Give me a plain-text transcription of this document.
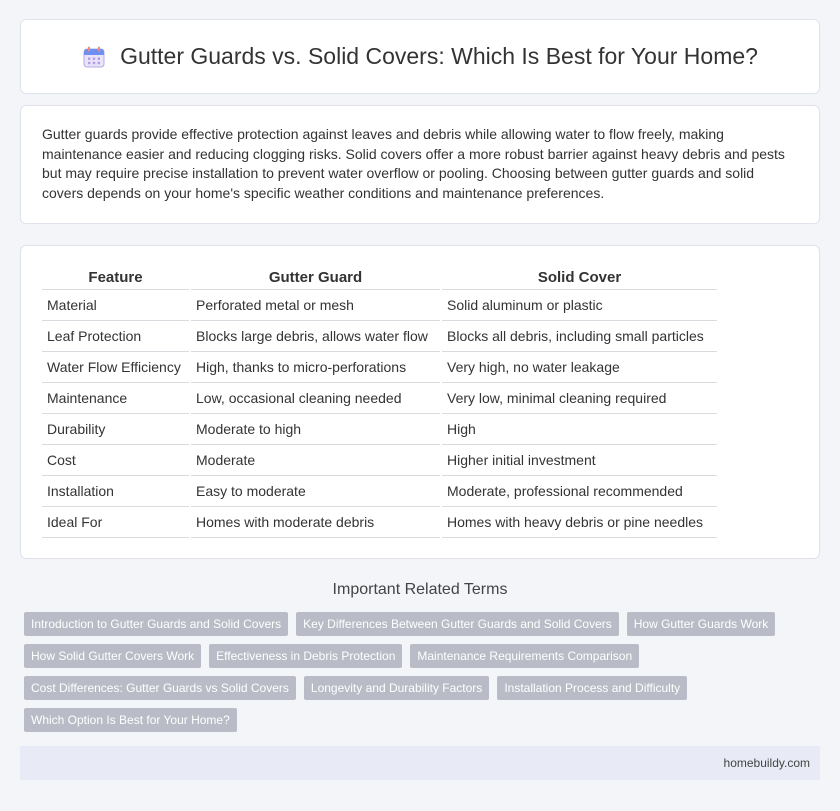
Gutter Guards vs. Solid Covers: Which Is Best for Your Home?

Gutter guards provide effective protection against leaves and debris while allowing water to flow freely, making maintenance easier and reducing clogging risks. Solid covers offer a more robust barrier against heavy debris and pests but may require precise installation to prevent water overflow or pooling. Choosing between gutter guards and solid covers depends on your home's specific weather conditions and maintenance preferences.

Feature	Gutter Guard	Solid Cover
Material	Perforated metal or mesh	Solid aluminum or plastic
Leaf Protection	Blocks large debris, allows water flow	Blocks all debris, including small particles
Water Flow Efficiency	High, thanks to micro-perforations	Very high, no water leakage
Maintenance	Low, occasional cleaning needed	Very low, minimal cleaning required
Durability	Moderate to high	High
Cost	Moderate	Higher initial investment
Installation	Easy to moderate	Moderate, professional recommended
Ideal For	Homes with moderate debris	Homes with heavy debris or pine needles
Important Related Terms
Introduction to Gutter Guards and Solid Covers	Key Differences Between Gutter Guards and Solid Covers	How Gutter Guards Work
How Solid Gutter Covers Work	Effectiveness in Debris Protection	Maintenance Requirements Comparison
Cost Differences: Gutter Guards vs Solid Covers	Longevity and Durability Factors	Installation Process and Difficulty
Which Option Is Best for Your Home?
homebuildy.com
